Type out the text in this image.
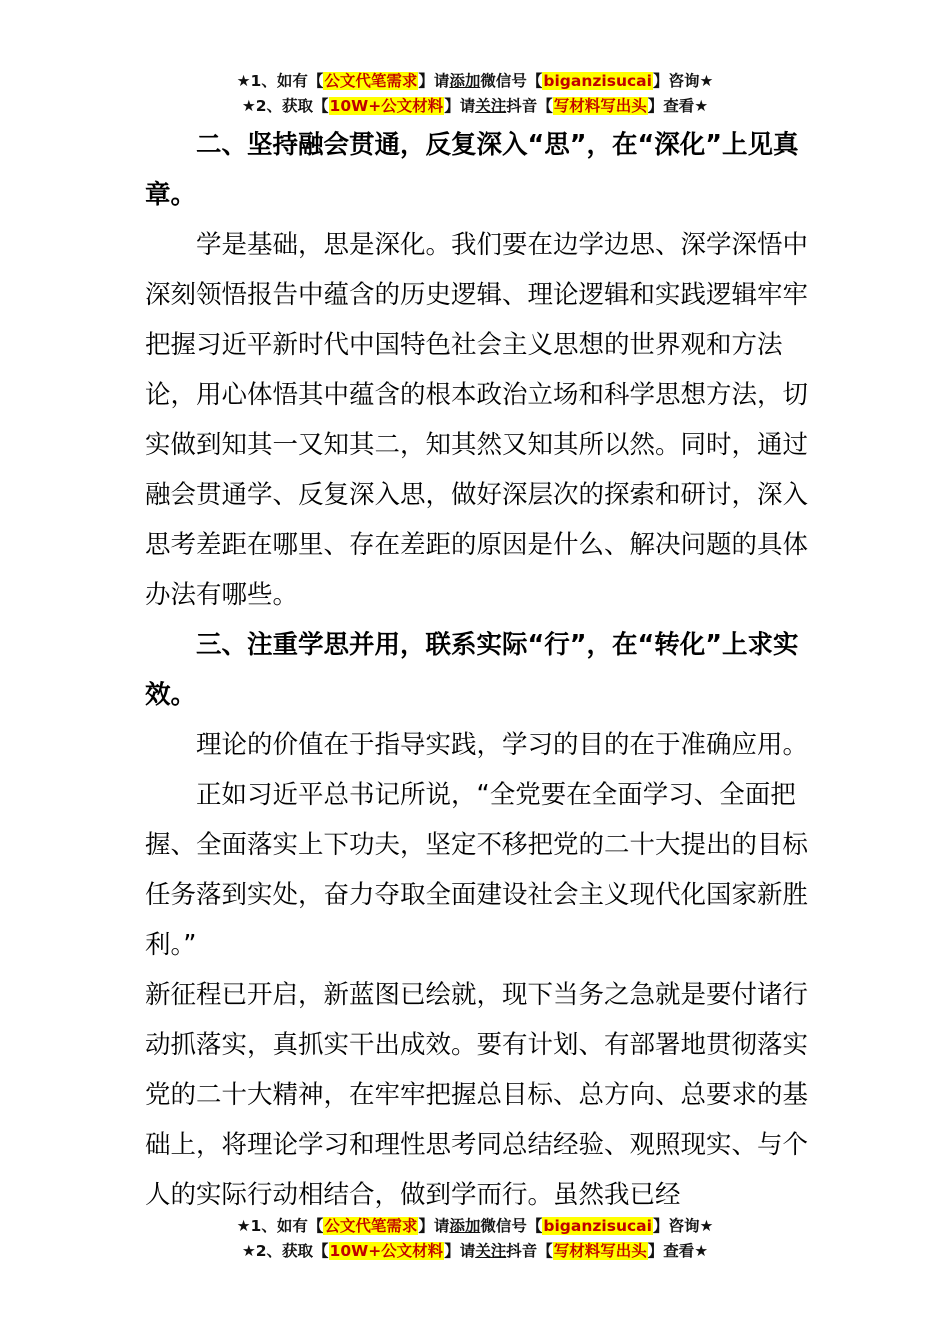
★1、如有【公文代笔需求】请添加微信号【biganzisucai】咨询★
★2、获取【10W+公文材料】请关注抖音【写材料写出头】查看★

二、坚持融会贯通，反复深入“思”，在“深化”上见真章。

学是基础，思是深化。我们要在边学边思、深学深悟中深刻领悟报告中蕴含的历史逻辑、理论逻辑和实践逻辑牢牢把握习近平新时代中国特色社会主义思想的世界观和方法论，用心体悟其中蕴含的根本政治立场和科学思想方法，切实做到知其一又知其二，知其然又知其所以然。同时，通过融会贯通学、反复深入思，做好深层次的探索和研讨，深入思考差距在哪里、存在差距的原因是什么、解决问题的具体办法有哪些。

三、注重学思并用，联系实际“行”，在“转化”上求实效。

理论的价值在于指导实践，学习的目的在于准确应用。

正如习近平总书记所说，“全党要在全面学习、全面把握、全面落实上下功夫，坚定不移把党的二十大提出的目标任务落到实处，奋力夺取全面建设社会主义现代化国家新胜利。”

新征程已开启，新蓝图已绘就，现下当务之急就是要付诸行动抓落实，真抓实干出成效。要有计划、有部署地贯彻落实党的二十大精神，在牢牢把握总目标、总方向、总要求的基础上，将理论学习和理性思考同总结经验、观照现实、与个人的实际行动相结合，做到学而行。虽然我已经

★1、如有【公文代笔需求】请添加微信号【biganzisucai】咨询★
★2、获取【10W+公文材料】请关注抖音【写材料写出头】查看★
